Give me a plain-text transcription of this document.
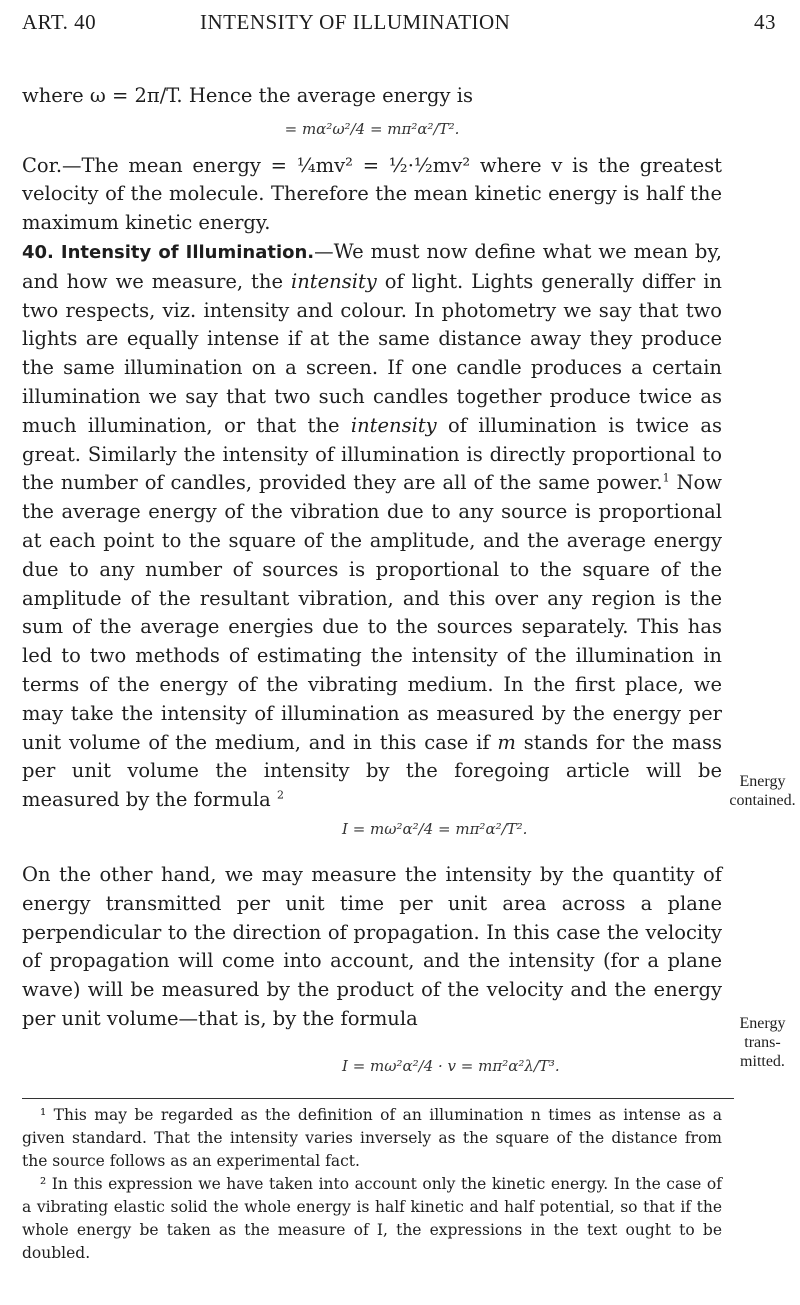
ART. 40	INTENSITY OF ILLUMINATION	43

where ω = 2π/T. Hence the average energy is

= mα²ω²/4 = mπ²α²/T².

Cor.—The mean energy = ¼mv² = ½·½mv² where v is the greatest velocity of the molecule. Therefore the mean kinetic energy is half the maximum kinetic energy.

40. Intensity of Illumination.—We must now define what we mean by, and how we measure, the intensity of light. Lights generally differ in two respects, viz. intensity and colour. In photometry we say that two lights are equally intense if at the same distance away they produce the same illumination on a screen. If one candle produces a certain illumination we say that two such candles together produce twice as much illumination, or that the intensity of illumination is twice as great. Similarly the intensity of illumination is directly proportional to the number of candles, provided they are all of the same power.$^1$ Now the average energy of the vibration due to any source is proportional at each point to the square of the amplitude, and the average energy due to any number of sources is proportional to the square of the amplitude of the resultant vibration, and this over any region is the sum of the average energies due to the sources separately. This has led to two methods of estimating the intensity of the illumination in terms of the energy of the vibrating medium. In the first place, we may take the intensity of illumination as measured by the energy per unit volume of the medium, and in this case if m stands for the mass per unit volume the intensity by the foregoing article will be measured by the formula $^2$

I = mω²α²/4 = mπ²α²/T².

On the other hand, we may measure the intensity by the quantity of energy transmitted per unit time per unit area across a plane perpendicular to the direction of propagation. In this case the velocity of propagation will come into account, and the intensity (for a plane wave) will be measured by the product of the velocity and the energy per unit volume—that is, by the formula

I = mω²α²/4 · v = mπ²α²λ/T³.
Energy contained.
Energy trans- mitted.

¹ This may be regarded as the definition of an illumination n times as intense as a given standard. That the intensity varies inversely as the square of the distance from the source follows as an experimental fact.

² In this expression we have taken into account only the kinetic energy. In the case of a vibrating elastic solid the whole energy is half kinetic and half potential, so that if the whole energy be taken as the measure of I, the expressions in the text ought to be doubled.
